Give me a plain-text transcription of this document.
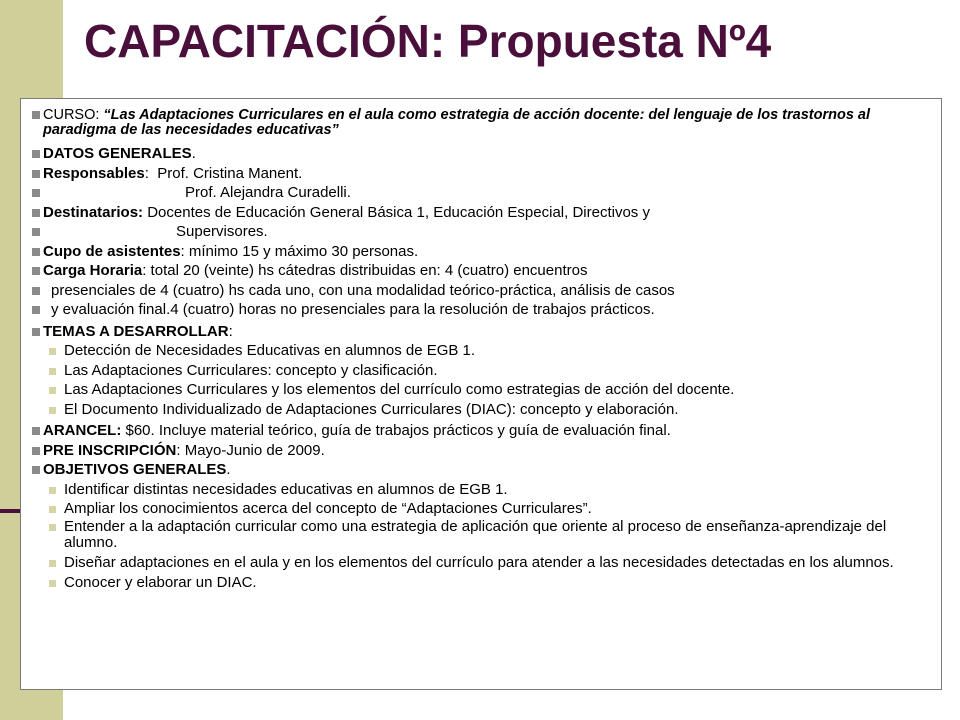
CAPACITACIÓN: Propuesta Nº4
CURSO: “Las Adaptaciones Curriculares en el aula como estrategia de acción docente: del lenguaje de los trastornos al paradigma de las necesidades educativas”
DATOS GENERALES.
Responsables:  Prof. Cristina Manent.
Prof. Alejandra Curadelli.
Destinatarios: Docentes de Educación General Básica 1, Educación Especial, Directivos y
Supervisores.
Cupo de asistentes: mínimo 15 y máximo 30 personas.
Carga Horaria: total 20 (veinte) hs cátedras distribuidas en: 4 (cuatro) encuentros
presenciales de 4 (cuatro) hs cada uno, con una modalidad teórico-práctica, análisis de casos
y evaluación final.4 (cuatro) horas no presenciales para la resolución de trabajos prácticos.
TEMAS A DESARROLLAR:
Detección de Necesidades Educativas en alumnos de EGB 1.
Las Adaptaciones Curriculares: concepto y clasificación.
Las Adaptaciones Curriculares y los elementos del currículo como estrategias de acción del docente.
El Documento Individualizado de Adaptaciones Curriculares (DIAC): concepto y elaboración.
ARANCEL: $60. Incluye material teórico, guía de trabajos prácticos y guía de evaluación final.
PRE INSCRIPCIÓN: Mayo-Junio de 2009.
OBJETIVOS GENERALES.
Identificar distintas necesidades educativas en alumnos de EGB 1.
Ampliar los conocimientos acerca del concepto de “Adaptaciones Curriculares”.
Entender a la adaptación curricular como una estrategia de aplicación que oriente al proceso de enseñanza-aprendizaje del alumno.
Diseñar adaptaciones en el aula y en los elementos del currículo para atender a las necesidades detectadas en los alumnos.
Conocer y elaborar un DIAC.
